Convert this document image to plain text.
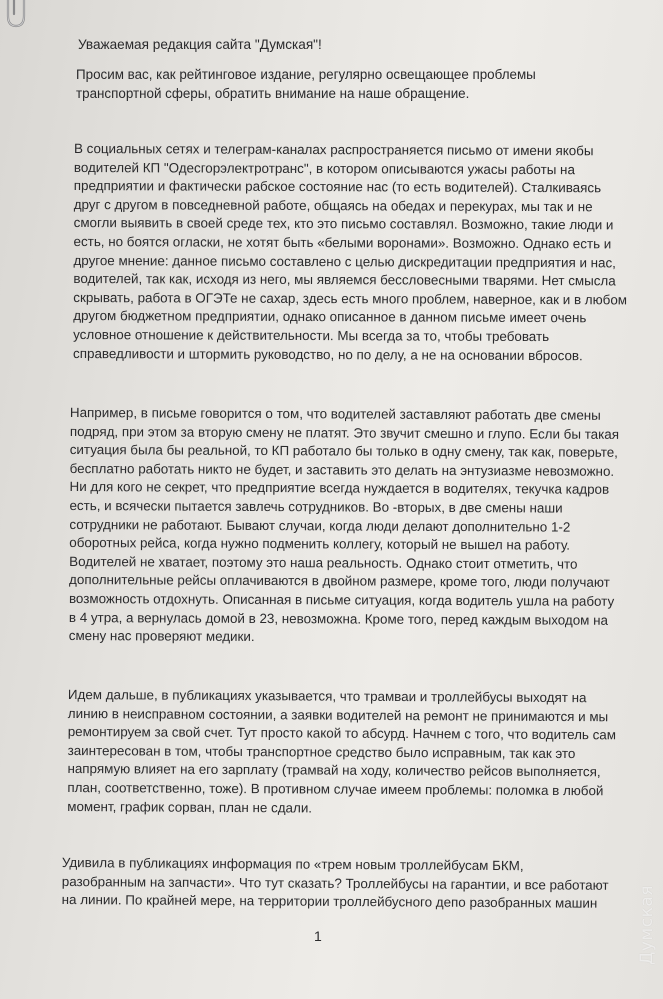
Уважаемая редакция сайта "Думская"!

Просим вас, как рейтинговое издание, регулярно освещающее проблемы
транспортной сферы, обратить внимание на наше обращение.

В социальных сетях и телеграм-каналах распространяется письмо от имени якобы
водителей КП "Одесгорэлектротранс", в котором описываются ужасы работы на
предприятии и фактически рабское состояние нас (то есть водителей). Сталкиваясь
друг с другом в повседневной работе, общаясь на обедах и перекурах, мы так и не
смогли выявить в своей среде тех, кто это письмо составлял. Возможно, такие люди и
есть, но боятся огласки, не хотят быть «белыми воронами». Возможно. Однако есть и
другое мнение: данное письмо составлено с целью дискредитации предприятия и нас,
водителей, так как, исходя из него, мы являемся бессловесными тварями. Нет смысла
скрывать, работа в ОГЭТе не сахар, здесь есть много проблем, наверное, как и в любом
другом бюджетном предприятии, однако описанное в данном письме имеет очень
условное отношение к действительности. Мы всегда за то, чтобы требовать
справедливости и штормить руководство, но по делу, а не на основании вбросов.

Например, в письме говорится о том, что водителей заставляют работать две смены
подряд, при этом за вторую смену не платят. Это звучит смешно и глупо. Если бы такая
ситуация была бы реальной, то КП работало бы только в одну смену, так как, поверьте,
бесплатно работать никто не будет, и заставить это делать на энтузиазме невозможно.
Ни для кого не секрет, что предприятие всегда нуждается в водителях, текучка кадров
есть, и всячески пытается завлечь сотрудников. Во -вторых, в две смены наши
сотрудники не работают. Бывают случаи, когда люди делают дополнительно 1-2
оборотных рейса, когда нужно подменить коллегу, который не вышел на работу.
Водителей не хватает, поэтому это наша реальность. Однако стоит отметить, что
дополнительные рейсы оплачиваются в двойном размере, кроме того, люди получают
возможность отдохнуть. Описанная в письме ситуация, когда водитель ушла на работу
в 4 утра, а вернулась домой в 23, невозможна. Кроме того, перед каждым выходом на
смену нас проверяют медики.

Идем дальше, в публикациях указывается, что трамваи и троллейбусы выходят на
линию в неисправном состоянии, а заявки водителей на ремонт не принимаются и мы
ремонтируем за свой счет. Тут просто какой то абсурд. Начнем с того, что водитель сам
заинтересован в том, чтобы транспортное средство было исправным, так как это
напрямую влияет на его зарплату (трамвай на ходу, количество рейсов выполняется,
план, соответственно, тоже). В противном случае имеем проблемы: поломка в любой
момент, график сорван, план не сдали.

Удивила в публикациях информация по «трем новым троллейбусам БКМ,
разобранным на запчасти». Что тут сказать? Троллейбусы на гарантии, и все работают
на линии. По крайней мере, на территории троллейбусного депо разобранных машин

1	Думская
